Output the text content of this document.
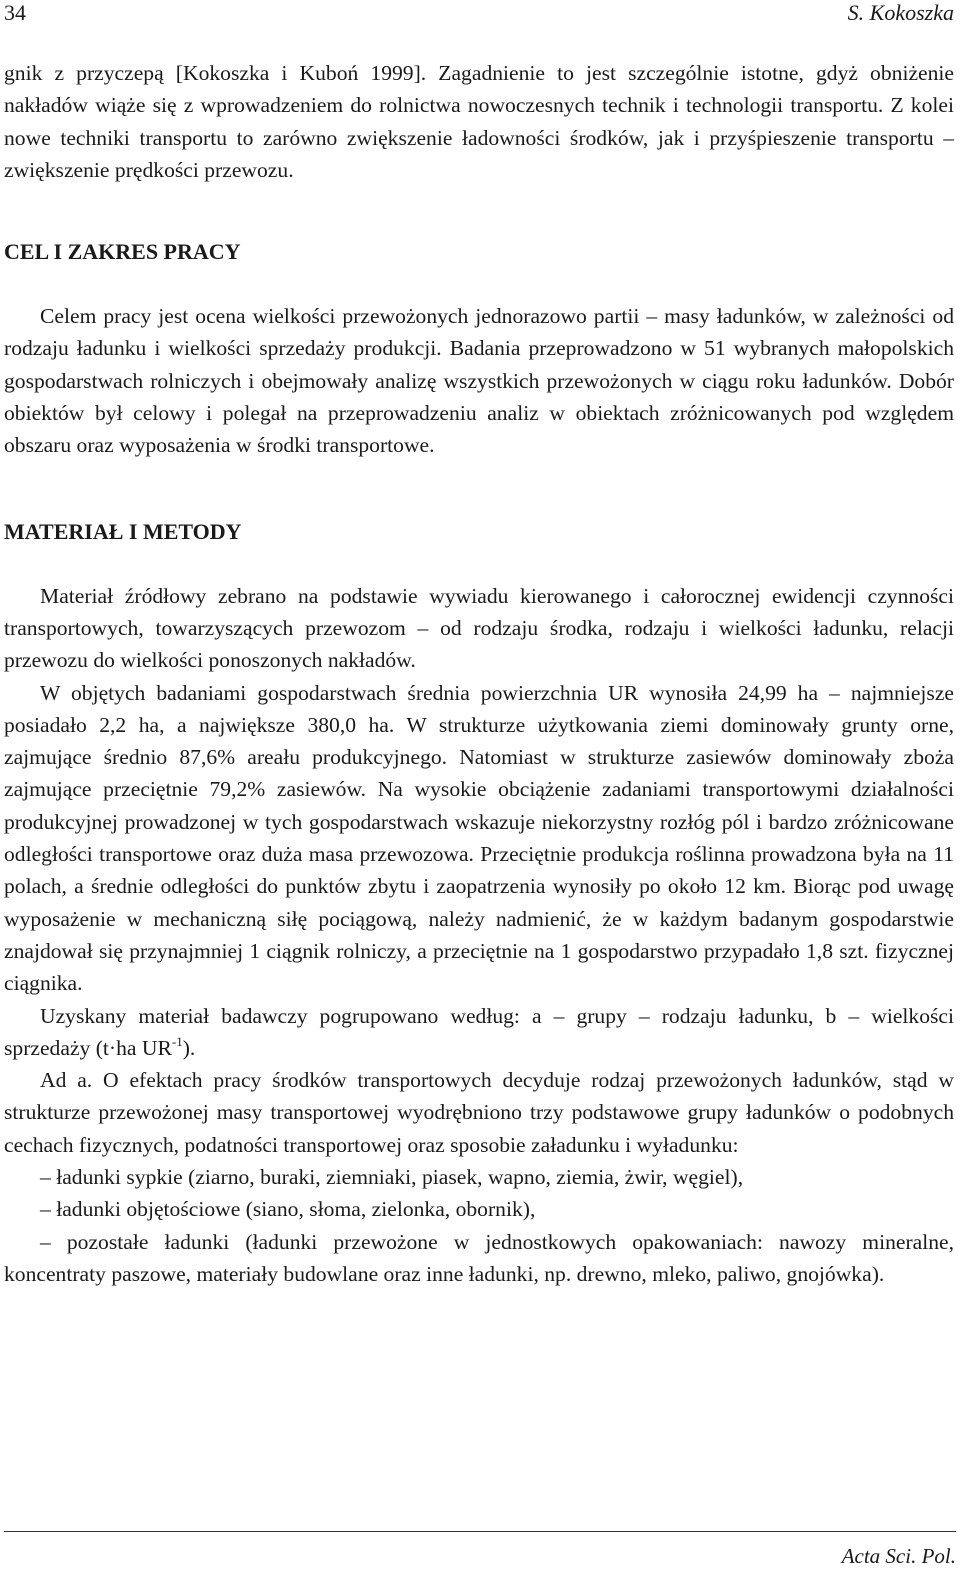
34	S. Kokoszka

gnik z przyczepą [Kokoszka i Kuboń 1999]. Zagadnienie to jest szczególnie istotne, gdyż obniżenie nakładów wiąże się z wprowadzeniem do rolnictwa nowoczesnych technik i technologii transportu. Z kolei nowe techniki transportu to zarówno zwiększenie ładowności środków, jak i przyśpieszenie transportu – zwiększenie prędkości przewozu.

CEL I ZAKRES PRACY

Celem pracy jest ocena wielkości przewożonych jednorazowo partii – masy ładunków, w zależności od rodzaju ładunku i wielkości sprzedaży produkcji. Badania przeprowadzono w 51 wybranych małopolskich gospodarstwach rolniczych i obejmowały analizę wszystkich przewożonych w ciągu roku ładunków. Dobór obiektów był celowy i polegał na przeprowadzeniu analiz w obiektach zróżnicowanych pod względem obszaru oraz wyposażenia w środki transportowe.

MATERIAŁ I METODY

Materiał źródłowy zebrano na podstawie wywiadu kierowanego i całorocznej ewidencji czynności transportowych, towarzyszących przewozom – od rodzaju środka, rodzaju i wielkości ładunku, relacji przewozu do wielkości ponoszonych nakładów.

W objętych badaniami gospodarstwach średnia powierzchnia UR wynosiła 24,99 ha – najmniejsze posiadało 2,2 ha, a największe 380,0 ha. W strukturze użytkowania ziemi dominowały grunty orne, zajmujące średnio 87,6% areału produkcyjnego. Natomiast w strukturze zasiewów dominowały zboża zajmujące przeciętnie 79,2% zasiewów. Na wysokie obciążenie zadaniami transportowymi działalności produkcyjnej prowadzonej w tych gospodarstwach wskazuje niekorzystny rozłóg pól i bardzo zróżnicowane odległości transportowe oraz duża masa przewozowa. Przeciętnie produkcja roślinna prowadzona była na 11 polach, a średnie odległości do punktów zbytu i zaopatrzenia wynosiły po około 12 km. Biorąc pod uwagę wyposażenie w mechaniczną siłę pociągową, należy nadmienić, że w każdym badanym gospodarstwie znajdował się przynajmniej 1 ciągnik rolniczy, a przeciętnie na 1 gospodarstwo przypadało 1,8 szt. fizycznej ciągnika.

Uzyskany materiał badawczy pogrupowano według: a – grupy – rodzaju ładunku, b – wielkości sprzedaży (t·ha $UR^{-1}$).

Ad a. O efektach pracy środków transportowych decyduje rodzaj przewożonych ładunków, stąd w strukturze przewożonej masy transportowej wyodrębniono trzy podstawowe grupy ładunków o podobnych cechach fizycznych, podatności transportowej oraz sposobie załadunku i wyładunku:

– ładunki sypkie (ziarno, buraki, ziemniaki, piasek, wapno, ziemia, żwir, węgiel),

– ładunki objętościowe (siano, słoma, zielonka, obornik),

– pozostałe ładunki (ładunki przewożone w jednostkowych opakowaniach: nawozy mineralne, koncentraty paszowe, materiały budowlane oraz inne ładunki, np. drewno, mleko, paliwo, gnojówka).

Acta Sci. Pol.
